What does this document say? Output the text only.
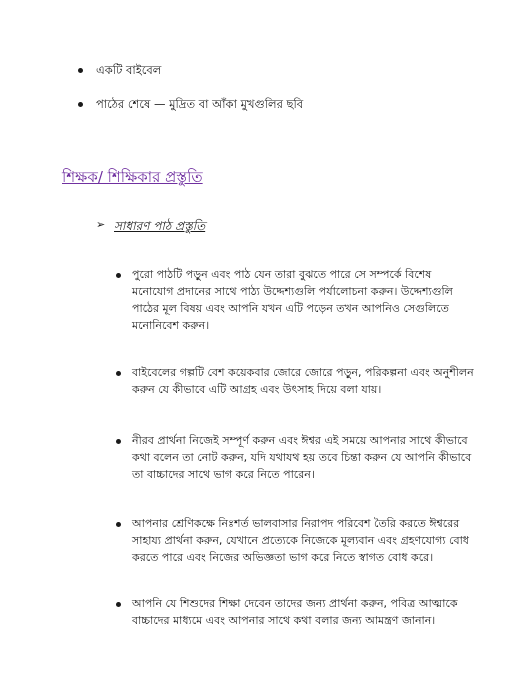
একটি বাইবেল
পাঠের শেষে — মুদ্রিত বা আঁকা মুখগুলির ছবি
শিক্ষক/ শিক্ষিকার প্রস্তুতি
➢ সাধারণ পাঠ প্রস্তুতি
পুরো পাঠটি পড়ুন এবং পাঠ যেন তারা বুঝতে পারে সে সম্পর্কে বিশেষ
মনোযোগ প্রদানের সাথে পাঠ্য উদ্দেশ্যগুলি পর্যালোচনা করুন। উদ্দেশ্যগুলি
পাঠের মূল বিষয় এবং আপনি যখন এটি পড়েন তখন আপনিও সেগুলিতে
মনোনিবেশ করুন।
বাইবেলের গল্পটি বেশ কয়েকবার জোরে জোরে পড়ুন, পরিকল্পনা এবং অনুশীলন
করুন যে কীভাবে এটি আগ্রহ এবং উৎসাহ দিয়ে বলা যায়।
নীরব প্রার্থনা নিজেই সম্পূর্ণ করুন এবং ঈশ্বর এই সময়ে আপনার সাথে কীভাবে
কথা বলেন তা নোট করুন, যদি যথাযথ হয় তবে চিন্তা করুন যে আপনি কীভাবে
তা বাচ্চাদের সাথে ভাগ করে নিতে পারেন।
আপনার শ্রেণিকক্ষে নিঃশর্ত ভালবাসার নিরাপদ পরিবেশ তৈরি করতে ঈশ্বরের
সাহায্য প্রার্থনা করুন, যেখানে প্রত্যেকে নিজেকে মূল্যবান এবং গ্রহণযোগ্য বোধ
করতে পারে এবং নিজের অভিজ্ঞতা ভাগ করে নিতে স্বাগত বোধ করে।
আপনি যে শিশুদের শিক্ষা দেবেন তাদের জন্য প্রার্থনা করুন, পবিত্র আত্মাকে
বাচ্চাদের মাধ্যমে এবং আপনার সাথে কথা বলার জন্য আমন্ত্রণ জানান।
